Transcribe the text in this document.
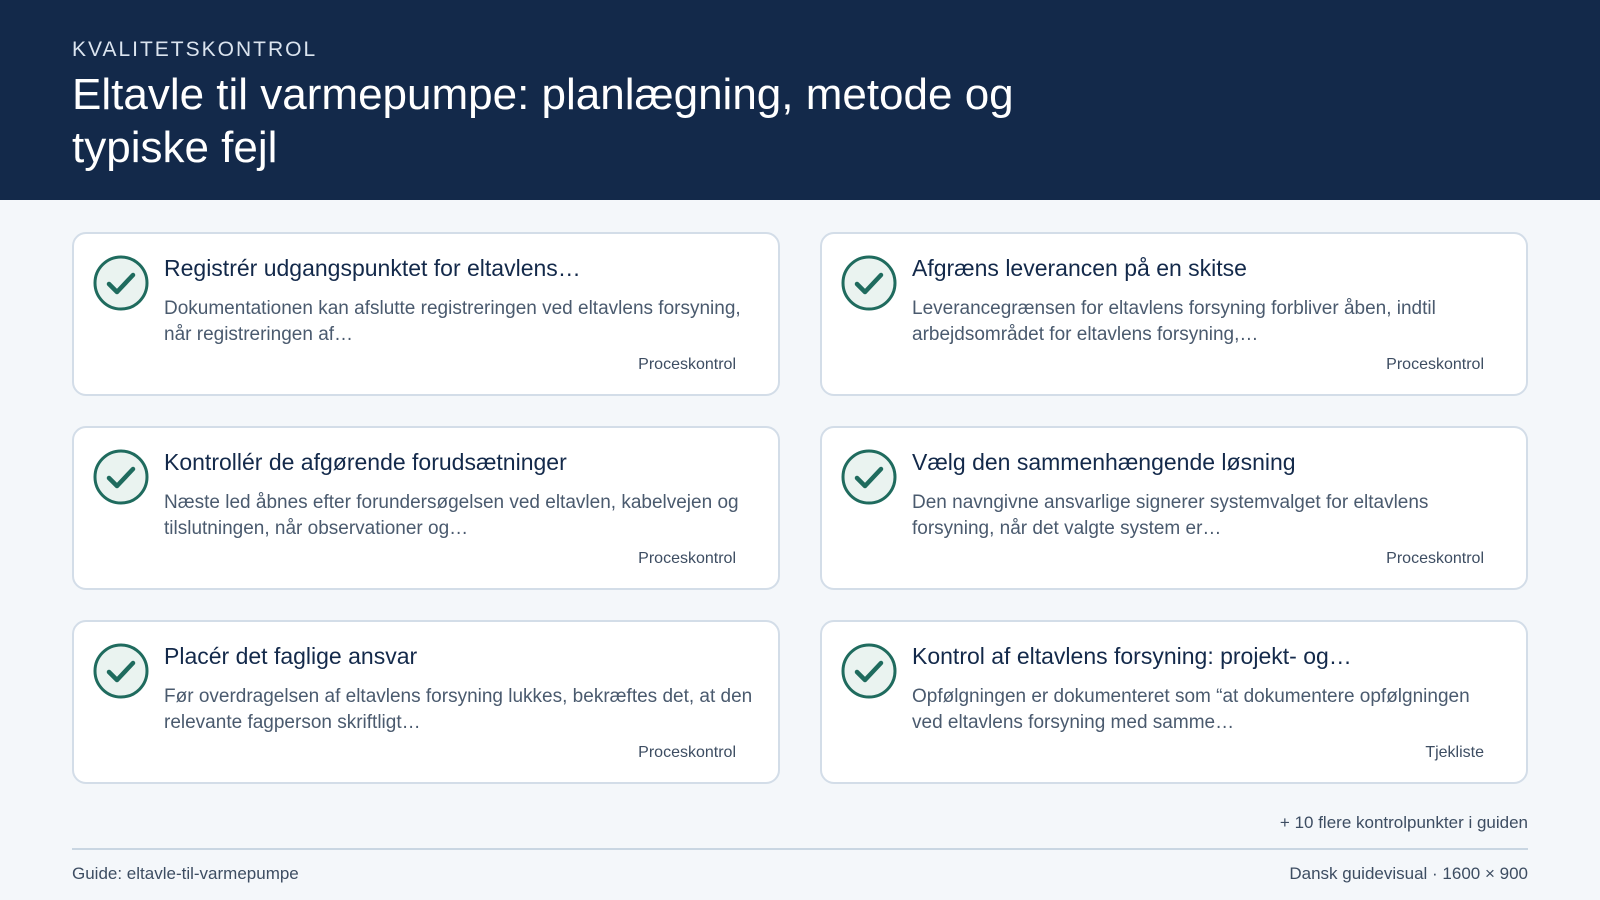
KVALITETSKONTROL
Eltavle til varmepumpe: planlægning, metode og typiske fejl
Registrér udgangspunktet for eltavlens…
Dokumentationen kan afslutte registreringen ved eltavlens forsyning, når registreringen af…
Proceskontrol
Afgræns leverancen på en skitse
Leverancegrænsen for eltavlens forsyning forbliver åben, indtil arbejdsområdet for eltavlens forsyning,…
Proceskontrol
Kontrollér de afgørende forudsætninger
Næste led åbnes efter forundersøgelsen ved eltavlen, kabelvejen og tilslutningen, når observationer og…
Proceskontrol
Vælg den sammenhængende løsning
Den navngivne ansvarlige signerer systemvalget for eltavlens forsyning, når det valgte system er…
Proceskontrol
Placér det faglige ansvar
Før overdragelsen af eltavlens forsyning lukkes, bekræftes det, at den relevante fagperson skriftligt…
Proceskontrol
Kontrol af eltavlens forsyning: projekt- og…
Opfølgningen er dokumenteret som “at dokumentere opfølgningen ved eltavlens forsyning med samme…
Tjekliste
+ 10 flere kontrolpunkter i guiden
Guide: eltavle-til-varmepumpe	Dansk guidevisual · 1600 × 900
